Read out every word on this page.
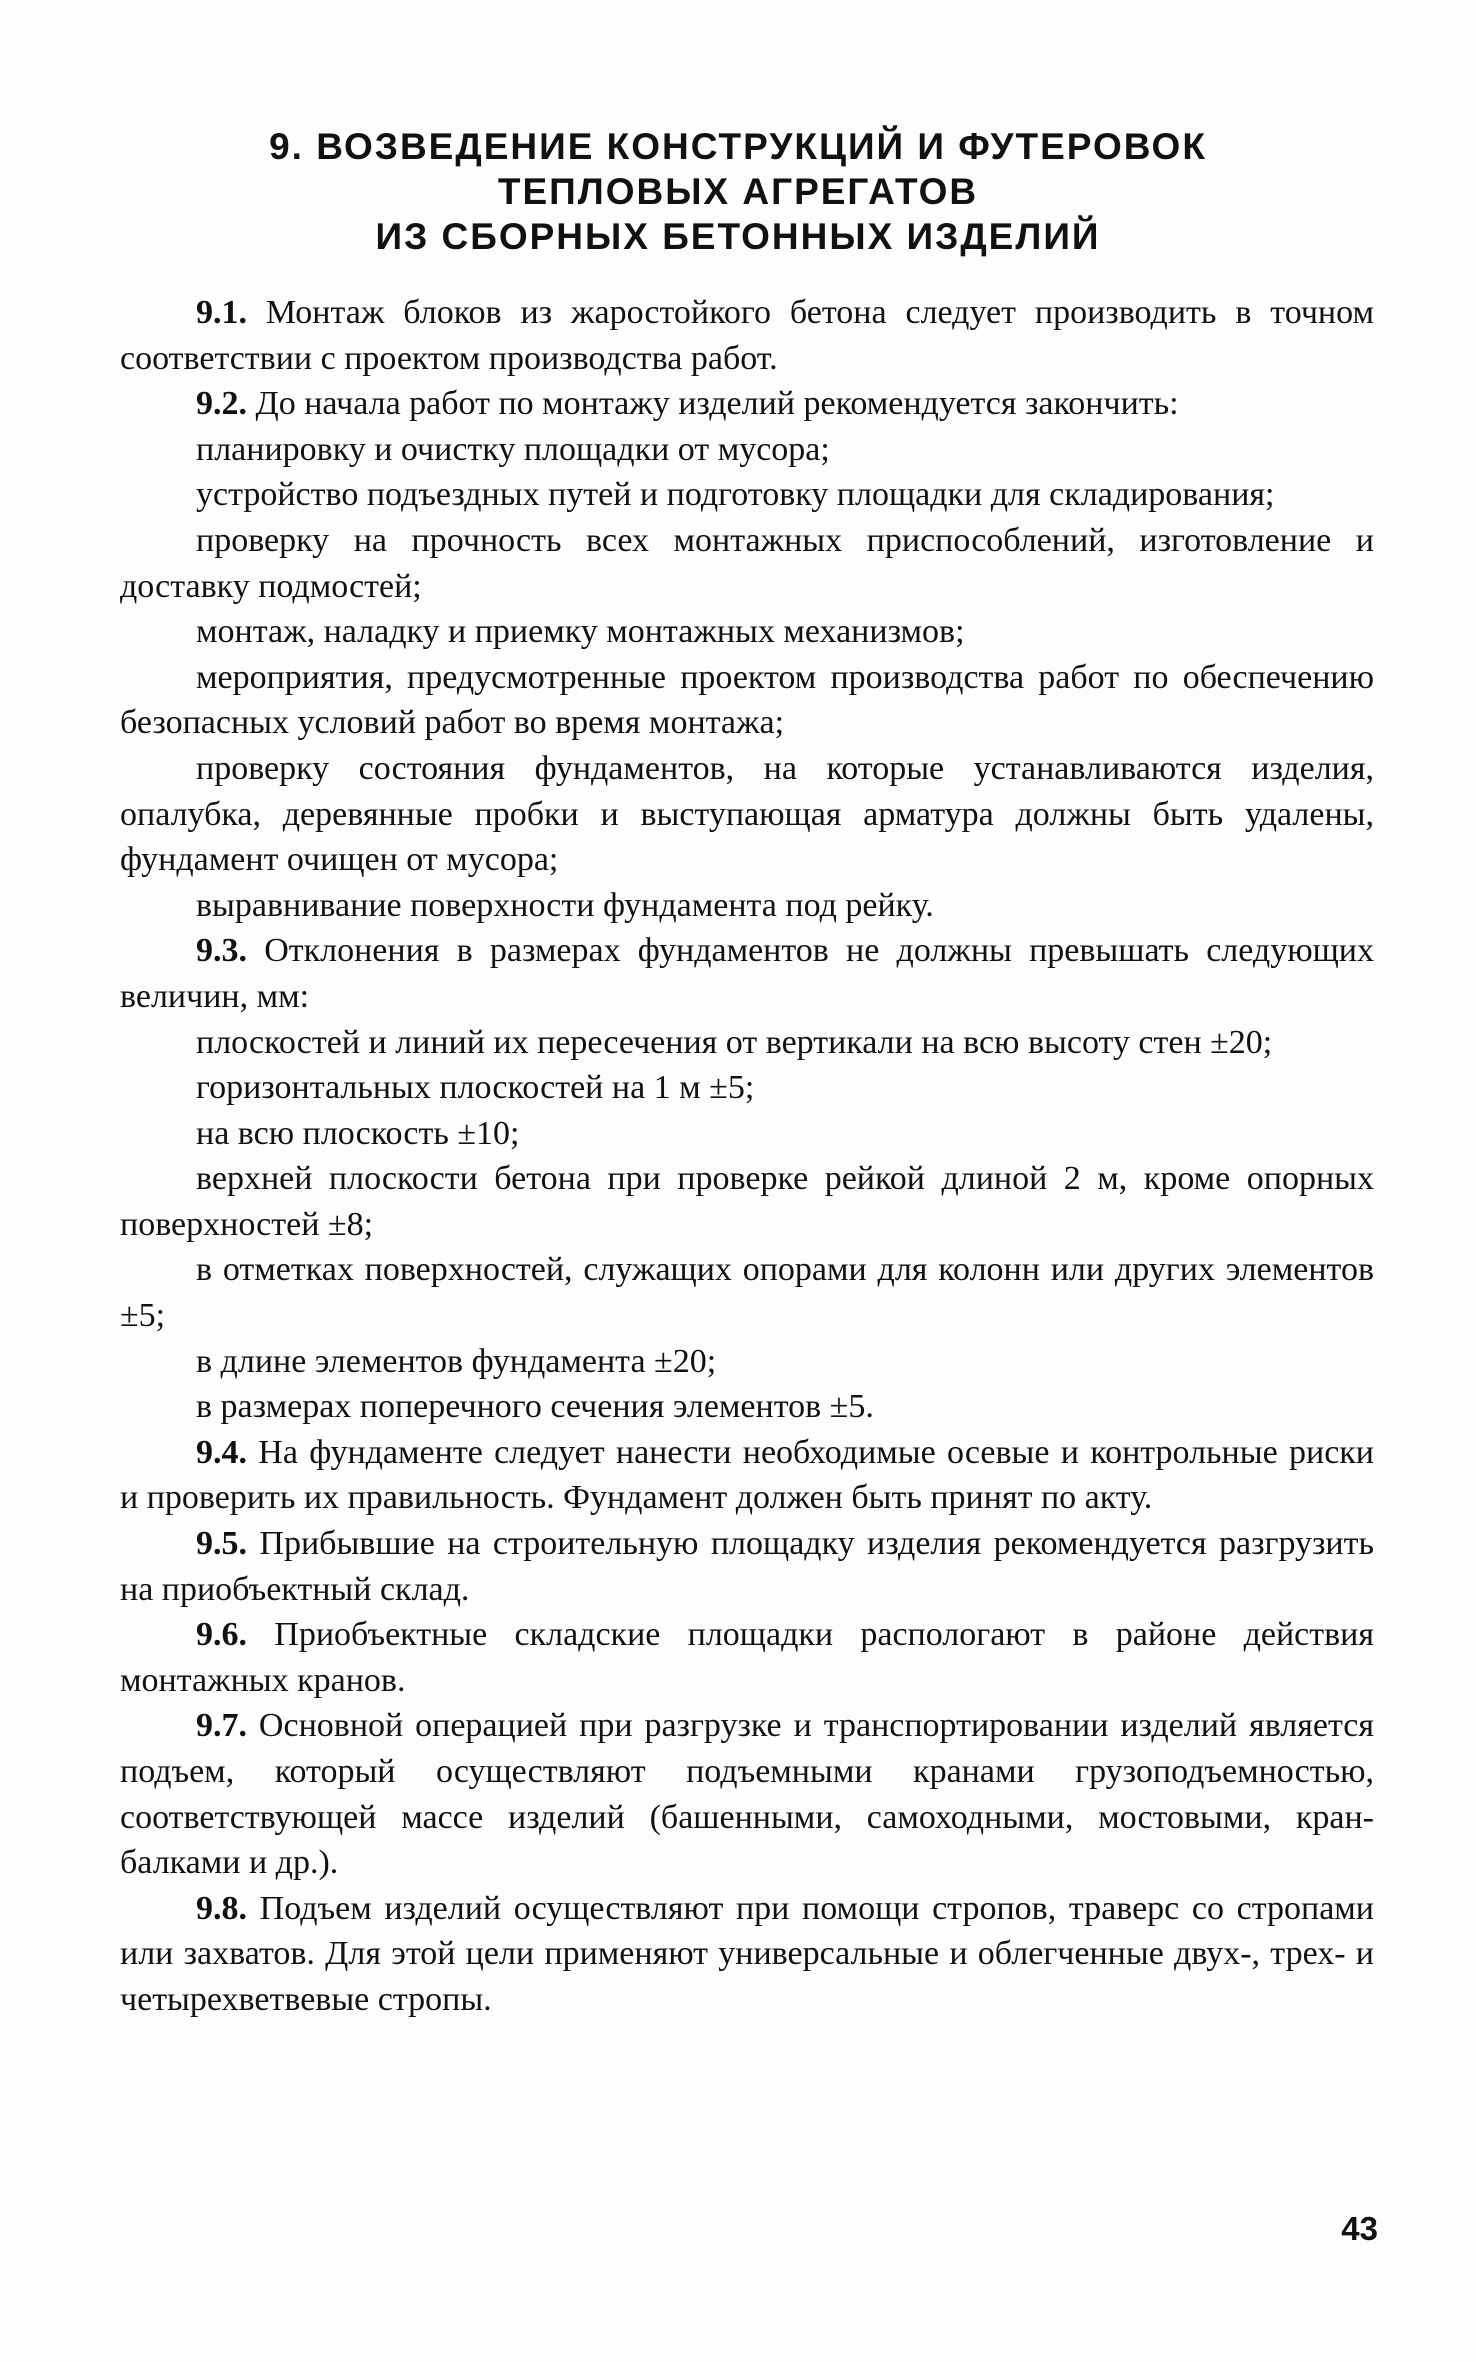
9. ВОЗВЕДЕНИЕ КОНСТРУКЦИЙ И ФУТЕРОВОК
ТЕПЛОВЫХ АГРЕГАТОВ
ИЗ СБОРНЫХ БЕТОННЫХ ИЗДЕЛИЙ

9.1. Монтаж блоков из жаростойкого бетона следует производить в точном соответствии с проектом производства работ.

9.2. До начала работ по монтажу изделий рекомендуется закончить:

планировку и очистку площадки от мусора;

устройство подъездных путей и подготовку площадки для складирования;

проверку на прочность всех монтажных приспособлений, изготовление и доставку подмостей;

монтаж, наладку и приемку монтажных механизмов;

мероприятия, предусмотренные проектом производства работ по обеспечению безопасных условий работ во время монтажа;

проверку состояния фундаментов, на которые устанавливаются изделия, опалубка, деревянные пробки и выступающая арматура должны быть удалены, фундамент очищен от мусора;

выравнивание поверхности фундамента под рейку.

9.3. Отклонения в размерах фундаментов не должны превышать следующих величин, мм:

плоскостей и линий их пересечения от вертикали на всю высоту стен ±20;

горизонтальных плоскостей на 1 м ±5;

на всю плоскость ±10;

верхней плоскости бетона при проверке рейкой длиной 2 м, кроме опорных поверхностей ±8;

в отметках поверхностей, служащих опорами для колонн или других элементов ±5;

в длине элементов фундамента ±20;

в размерах поперечного сечения элементов ±5.

9.4. На фундаменте следует нанести необходимые осевые и контрольные риски и проверить их правильность. Фундамент должен быть принят по акту.

9.5. Прибывшие на строительную площадку изделия рекомендуется разгрузить на приобъектный склад.

9.6. Приобъектные складские площадки распологают в районе действия монтажных кранов.

9.7. Основной операцией при разгрузке и транспортировании изделий является подъем, который осуществляют подъемными кранами грузоподъемностью, соответствующей массе изделий (башенными, самоходными, мостовыми, кран-балками и др.).

9.8. Подъем изделий осуществляют при помощи стропов, траверс со стропами или захватов. Для этой цели применяют универсальные и облегченные двух-, трех- и четырехветвевые стропы.

43
